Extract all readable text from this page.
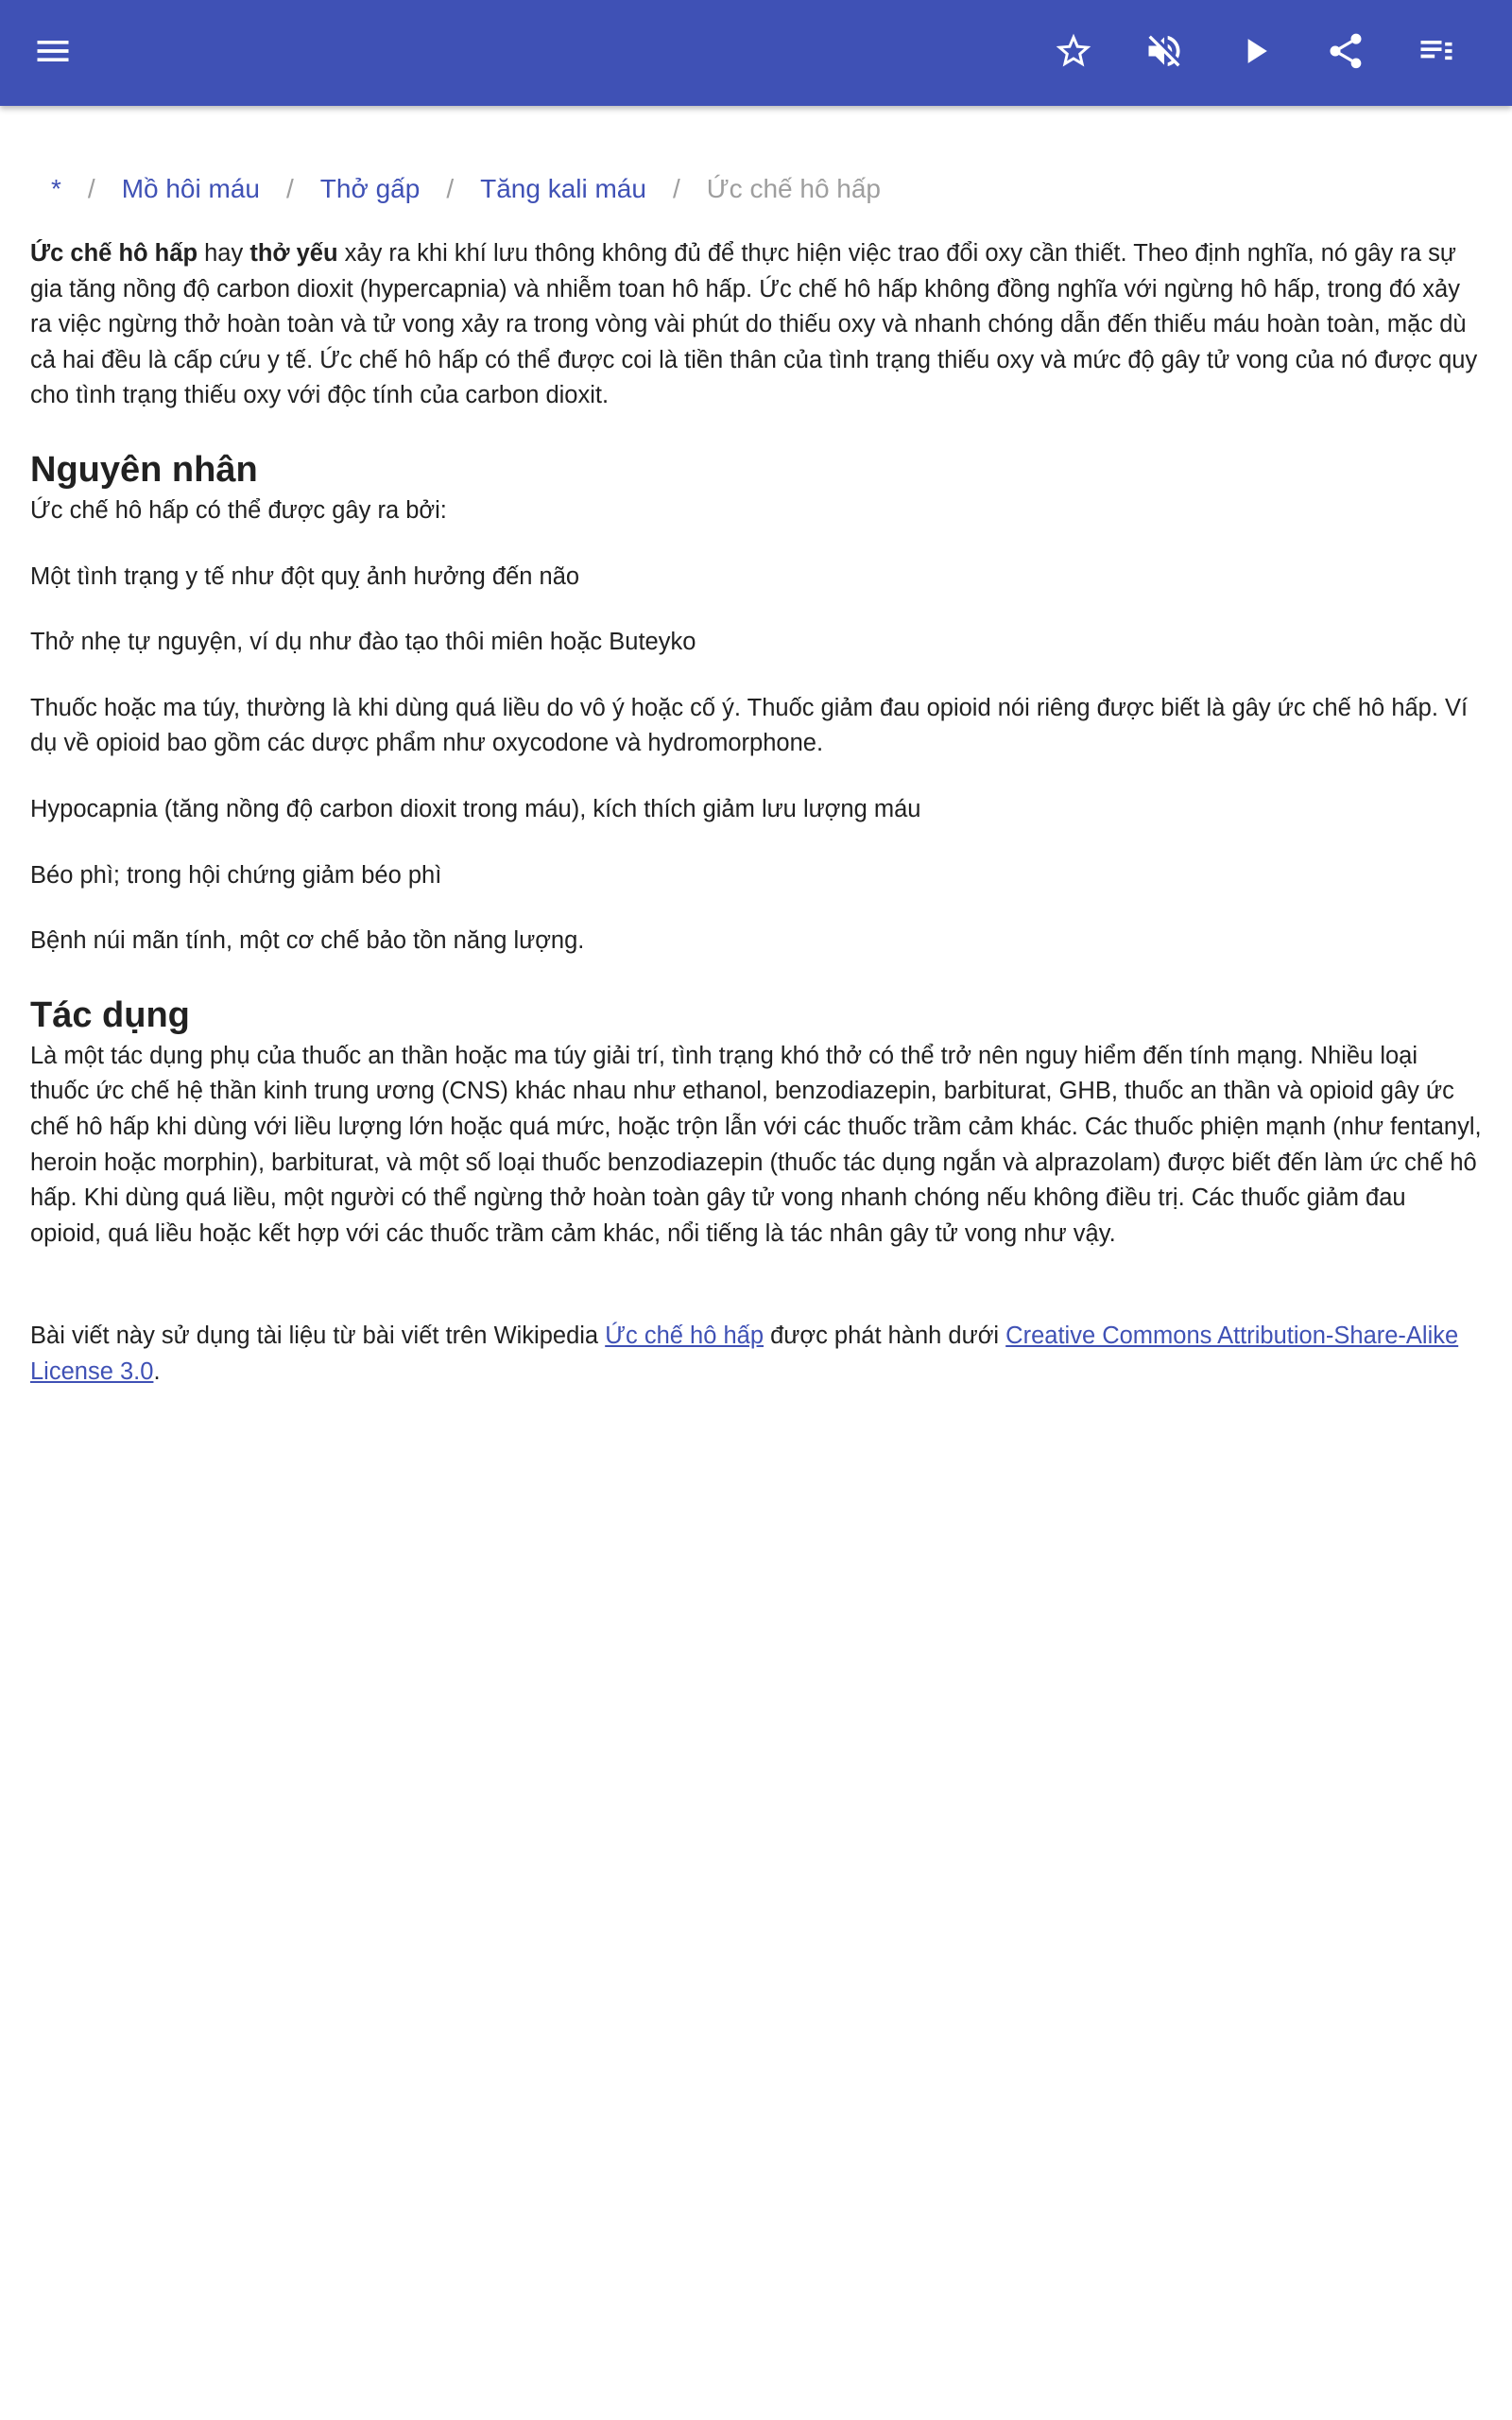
* / Mồ hôi máu / Thở gấp / Tăng kali máu / Ức chế hô hấp

Ức chế hô hấp hay thở yếu xảy ra khi khí lưu thông không đủ để thực hiện việc trao đổi oxy cần thiết. Theo định nghĩa, nó gây ra sự gia tăng nồng độ carbon dioxit (hypercapnia) và nhiễm toan hô hấp. Ức chế hô hấp không đồng nghĩa với ngừng hô hấp, trong đó xảy ra việc ngừng thở hoàn toàn và tử vong xảy ra trong vòng vài phút do thiếu oxy và nhanh chóng dẫn đến thiếu máu hoàn toàn, mặc dù cả hai đều là cấp cứu y tế. Ức chế hô hấp có thể được coi là tiền thân của tình trạng thiếu oxy và mức độ gây tử vong của nó được quy cho tình trạng thiếu oxy với độc tính của carbon dioxit.

Nguyên nhân

Ức chế hô hấp có thể được gây ra bởi:

Một tình trạng y tế như đột quỵ ảnh hưởng đến não

Thở nhẹ tự nguyện, ví dụ như đào tạo thôi miên hoặc Buteyko

Thuốc hoặc ma túy, thường là khi dùng quá liều do vô ý hoặc cố ý. Thuốc giảm đau opioid nói riêng được biết là gây ức chế hô hấp. Ví dụ về opioid bao gồm các dược phẩm như oxycodone và hydromorphone.

Hypocapnia (tăng nồng độ carbon dioxit trong máu), kích thích giảm lưu lượng máu

Béo phì; trong hội chứng giảm béo phì

Bệnh núi mãn tính, một cơ chế bảo tồn năng lượng.

Tác dụng

Là một tác dụng phụ của thuốc an thần hoặc ma túy giải trí, tình trạng khó thở có thể trở nên nguy hiểm đến tính mạng. Nhiều loại thuốc ức chế hệ thần kinh trung ương (CNS) khác nhau như ethanol, benzodiazepin, barbiturat, GHB, thuốc an thần và opioid gây ức chế hô hấp khi dùng với liều lượng lớn hoặc quá mức, hoặc trộn lẫn với các thuốc trầm cảm khác. Các thuốc phiện mạnh (như fentanyl, heroin hoặc morphin), barbiturat, và một số loại thuốc benzodiazepin (thuốc tác dụng ngắn và alprazolam) được biết đến làm ức chế hô hấp. Khi dùng quá liều, một người có thể ngừng thở hoàn toàn gây tử vong nhanh chóng nếu không điều trị. Các thuốc giảm đau opioid, quá liều hoặc kết hợp với các thuốc trầm cảm khác, nổi tiếng là tác nhân gây tử vong như vậy.

Bài viết này sử dụng tài liệu từ bài viết trên Wikipedia Ức chế hô hấp được phát hành dưới Creative Commons Attribution-Share-Alike License 3.0.
